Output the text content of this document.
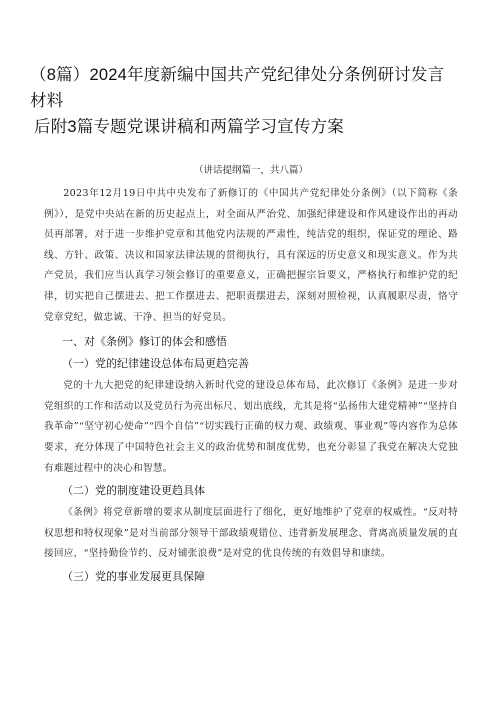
（8篇）2024年度新编中国共产党纪律处分条例研讨发言材料
后附3篇专题党课讲稿和两篇学习宣传方案
（讲话提纲篇一，共八篇）

2023年12月19日中共中央发布了新修订的《中国共产党纪律处分条例》（以下简称《条例》），是党中央站在新的历史起点上，对全面从严治党、加强纪律建设和作风建设作出的再动员再部署，对于进一步维护党章和其他党内法规的严肃性，纯洁党的组织，保证党的理论、路线、方针、政策、决议和国家法律法规的贯彻执行，具有深远的历史意义和现实意义。作为共产党员，我们应当认真学习领会修订的重要意义，正确把握宗旨要义，严格执行和维护党的纪律，切实把自己摆进去、把工作摆进去、把职责摆进去，深刻对照检视，认真履职尽责，恪守党章党纪，做忠诚、干净、担当的好党员。

一、对《条例》修订的体会和感悟
（一）党的纪律建设总体布局更趋完善

党的十九大把党的纪律建设纳入新时代党的建设总体布局，此次修订《条例》是进一步对党组织的工作和活动以及党员行为亮出标尺、划出底线，尤其是将“弘扬伟大建党精神”“坚持自我革命”“坚守初心使命”“四个自信”“切实践行正确的权力观、政绩观、事业观”等内容作为总体要求，充分体现了中国特色社会主义的政治优势和制度优势，也充分彰显了我党在解决大党独有难题过程中的决心和智慧。

（二）党的制度建设更趋具体

《条例》将党章新增的要求从制度层面进行了细化，更好地维护了党章的权威性。“反对特权思想和特权现象”是对当前部分领导干部政绩观错位、违背新发展理念、背离高质量发展的直接回应，“坚持勤俭节约、反对铺张浪费”是对党的优良传统的有效倡导和康续。

（三）党的事业发展更具保障
